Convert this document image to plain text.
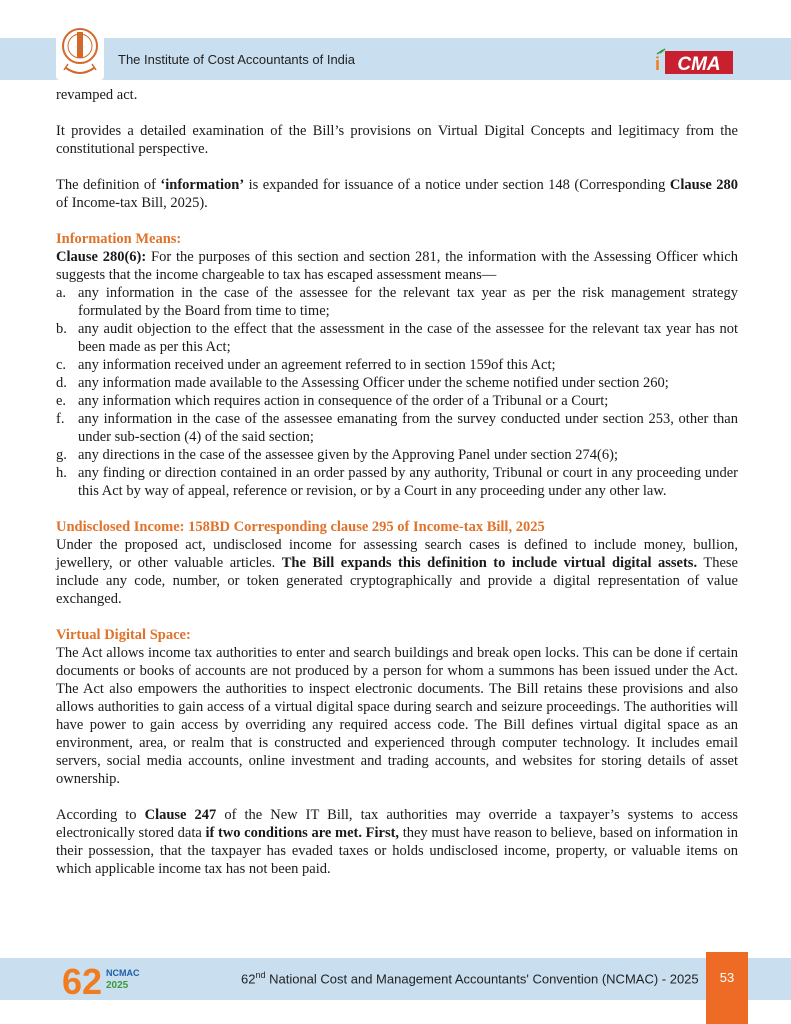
The Institute of Cost Accountants of India	i CMA

revamped act.

It provides a detailed examination of the Bill’s provisions on Virtual Digital Concepts and legitimacy from the constitutional perspective.

The definition of ‘information’ is expanded for issuance of a notice under section 148 (Corresponding Clause 280 of Income-tax Bill, 2025).

Information Means:

Clause 280(6): For the purposes of this section and section 281, the information with the Assessing Officer which suggests that the income chargeable to tax has escaped assessment means—

a. any information in the case of the assessee for the relevant tax year as per the risk management strategy formulated by the Board from time to time;
b. any audit objection to the effect that the assessment in the case of the assessee for the relevant tax year has not been made as per this Act;
c. any information received under an agreement referred to in section 159of this Act;
d. any information made available to the Assessing Officer under the scheme notified under section 260;
e. any information which requires action in consequence of the order of a Tribunal or a Court;
f. any information in the case of the assessee emanating from the survey conducted under section 253, other than under sub-section (4) of the said section;
g. any directions in the case of the assessee given by the Approving Panel under section 274(6);
h. any finding or direction contained in an order passed by any authority, Tribunal or court in any proceeding under this Act by way of appeal, reference or revision, or by a Court in any proceeding under any other law.

Undisclosed Income: 158BD Corresponding clause 295 of Income-tax Bill, 2025

Under the proposed act, undisclosed income for assessing search cases is defined to include money, bullion, jewellery, or other valuable articles. The Bill expands this definition to include virtual digital assets. These include any code, number, or token generated cryptographically and provide a digital representation of value exchanged.

Virtual Digital Space:

The Act allows income tax authorities to enter and search buildings and break open locks. This can be done if certain documents or books of accounts are not produced by a person for whom a summons has been issued under the Act. The Act also empowers the authorities to inspect electronic documents. The Bill retains these provisions and also allows authorities to gain access of a virtual digital space during search and seizure proceedings. The authorities will have power to gain access by overriding any required access code. The Bill defines virtual digital space as an environment, area, or realm that is constructed and experienced through computer technology. It includes email servers, social media accounts, online investment and trading accounts, and websites for storing details of asset ownership.

According to Clause 247 of the New IT Bill, tax authorities may override a taxpayer’s systems to access electronically stored data if two conditions are met. First, they must have reason to believe, based on information in their possession, that the taxpayer has evaded taxes or holds undisclosed income, property, or valuable items on which applicable income tax has not been paid.

62 NCMAC
2025	62nd National Cost and Management Accountants' Convention (NCMAC) - 2025	53
